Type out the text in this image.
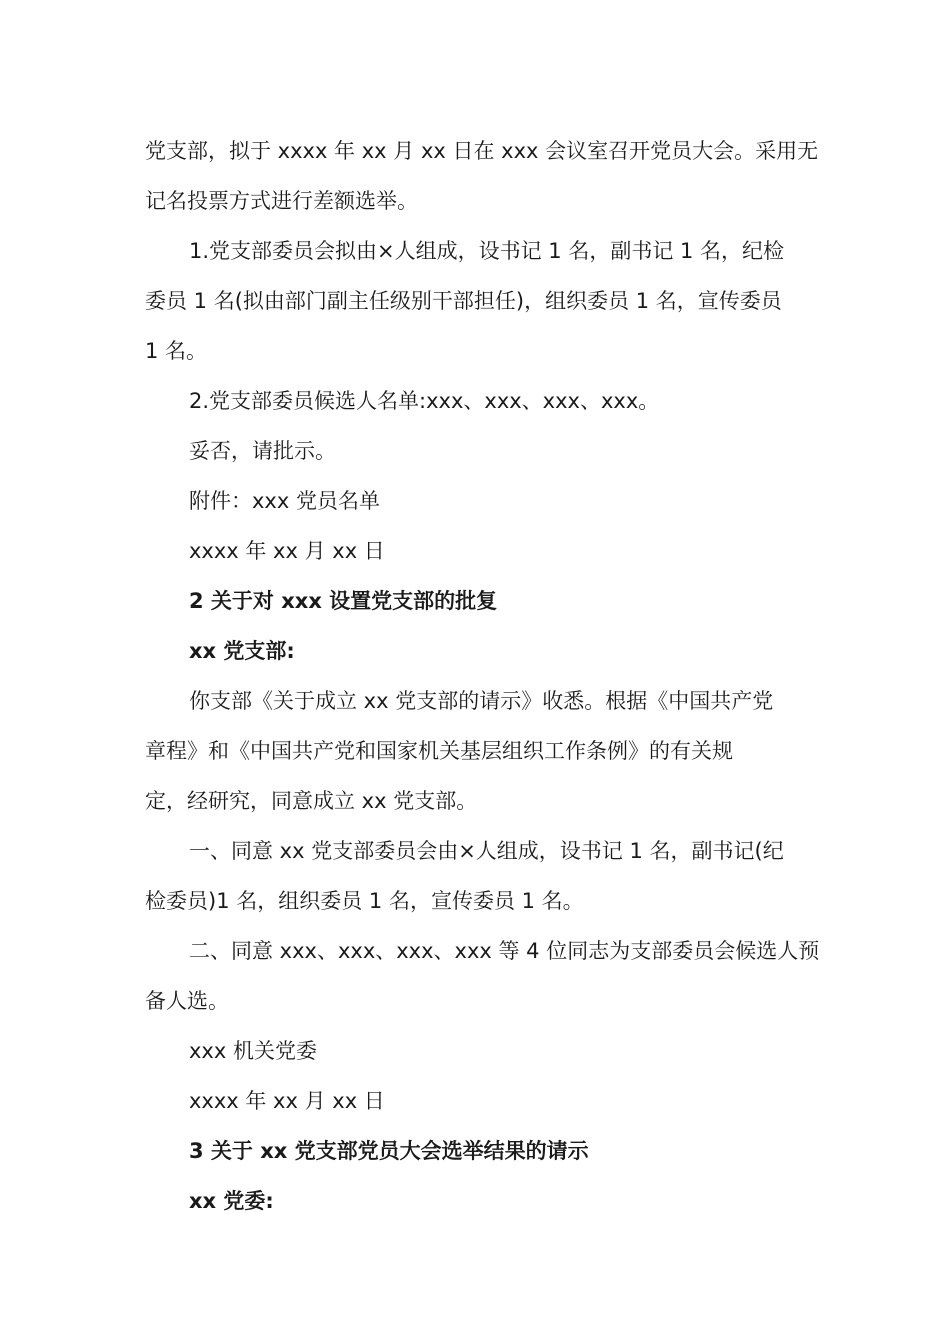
党支部，拟于 xxxx 年 xx 月 xx 日在 xxx 会议室召开党员大会。采用无
记名投票方式进行差额选举。
1.党支部委员会拟由×人组成，设书记 1 名，副书记 1 名，纪检
委员 1 名(拟由部门副主任级别干部担任)，组织委员 1 名，宣传委员
1 名。
2.党支部委员候选人名单:xxx、xxx、xxx、xxx。
妥否，请批示。
附件：xxx 党员名单
xxxx 年 xx 月 xx 日
2 关于对 xxx 设置党支部的批复
xx 党支部:
你支部《关于成立 xx 党支部的请示》收悉。根据《中国共产党
章程》和《中国共产党和国家机关基层组织工作条例》的有关规
定，经研究，同意成立 xx 党支部。
一、同意 xx 党支部委员会由×人组成，设书记 1 名，副书记(纪
检委员)1 名，组织委员 1 名，宣传委员 1 名。
二、同意 xxx、xxx、xxx、xxx 等 4 位同志为支部委员会候选人预
备人选。
xxx 机关党委
xxxx 年 xx 月 xx 日
3 关于 xx 党支部党员大会选举结果的请示
xx 党委:
